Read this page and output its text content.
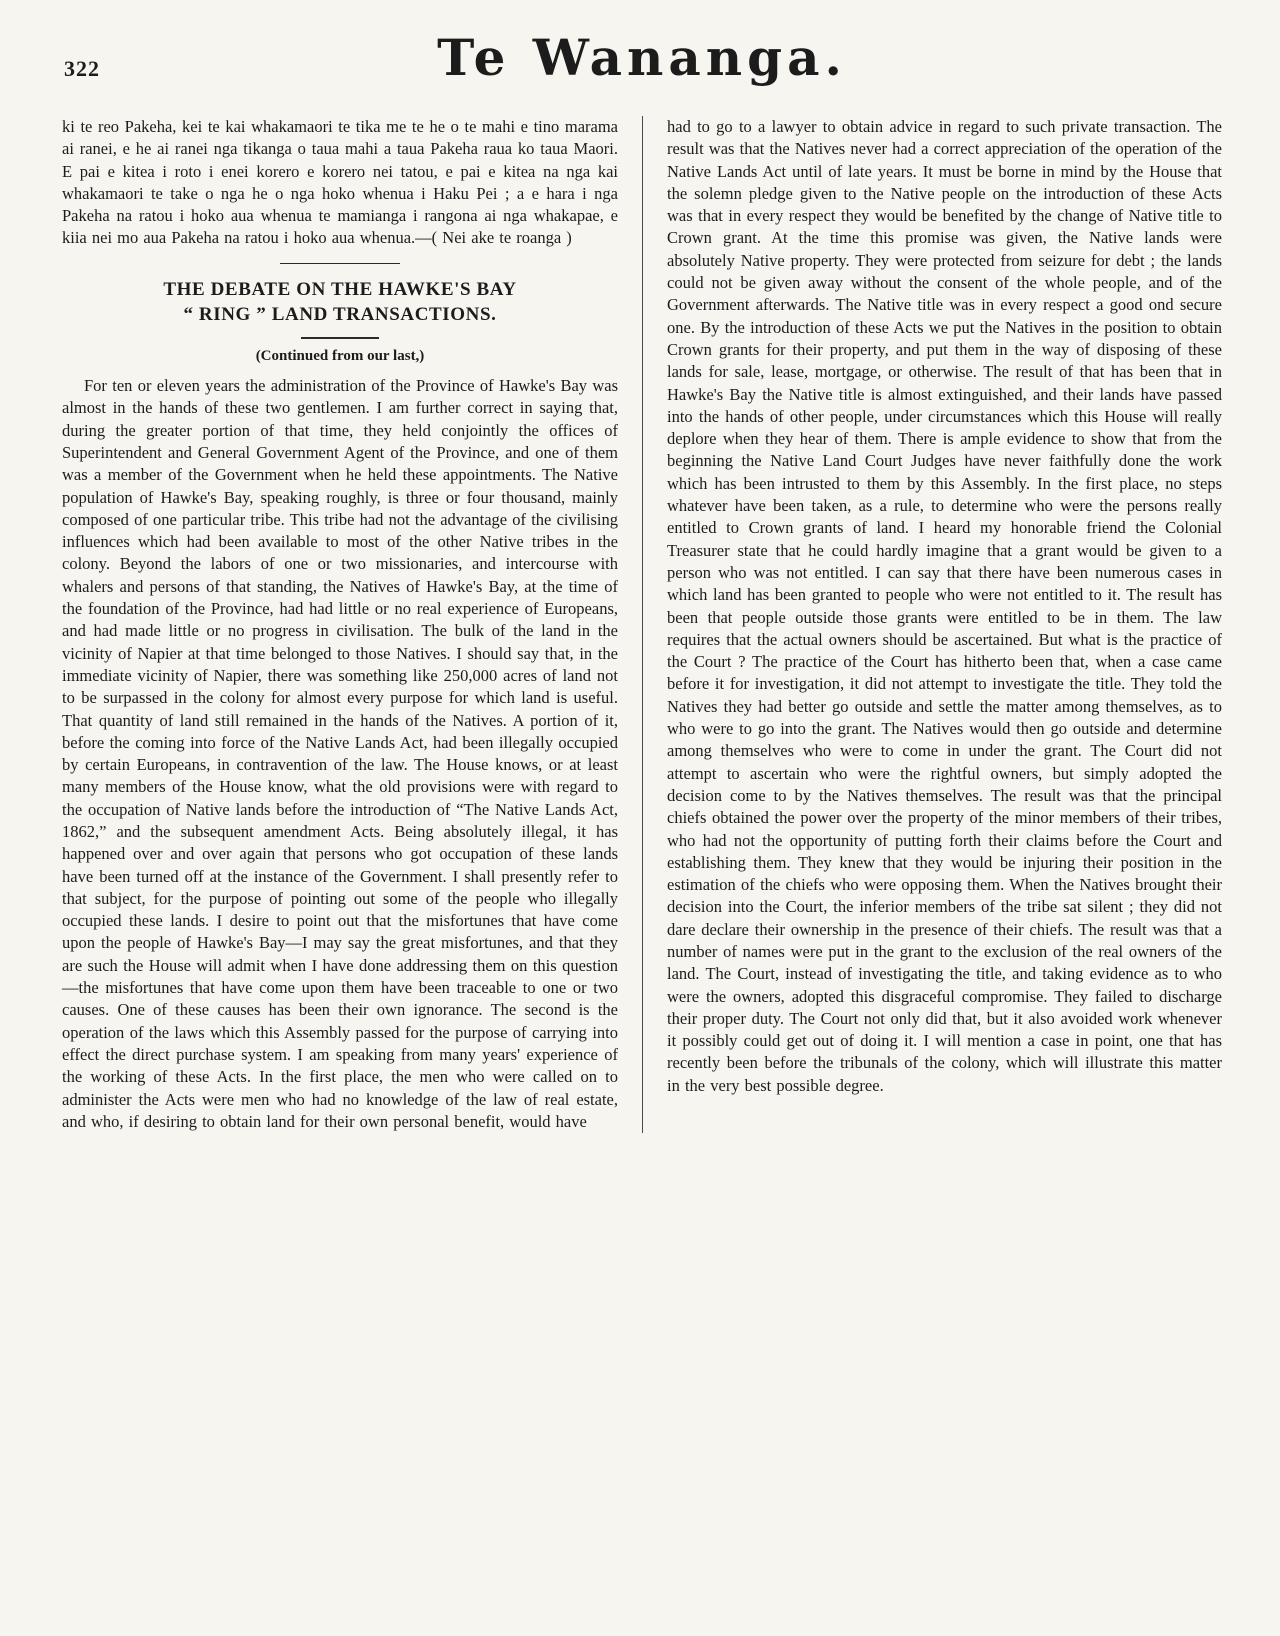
322	Te Wananga.

ki te reo Pakeha, kei te kai whakamaori te tika me te he o te mahi e tino marama ai ranei, e he ai ranei nga tikanga o taua mahi a taua Pakeha raua ko taua Maori. E pai e kitea i roto i enei korero e korero nei tatou, e pai e kitea na nga kai whakamaori te take o nga he o nga hoko whenua i Haku Pei ; a e hara i nga Pakeha na ratou i hoko aua whenua te mamianga i rangona ai nga whakapae, e kiia nei mo aua Pakeha na ratou i hoko aua whenua.—( Nei ake te roanga )

THE DEBATE ON THE HAWKE'S BAY
“ RING ” LAND TRANSACTIONS.

(Continued from our last,)

For ten or eleven years the administration of the Province of Hawke's Bay was almost in the hands of these two gentlemen. I am further correct in saying that, during the greater portion of that time, they held conjointly the offices of Superintendent and General Government Agent of the Province, and one of them was a member of the Government when he held these appointments. The Native population of Hawke's Bay, speaking roughly, is three or four thousand, mainly composed of one particular tribe. This tribe had not the advantage of the civilising influences which had been available to most of the other Native tribes in the colony. Beyond the labors of one or two missionaries, and intercourse with whalers and persons of that standing, the Natives of Hawke's Bay, at the time of the foundation of the Province, had had little or no real experience of Europeans, and had made little or no progress in civilisation. The bulk of the land in the vicinity of Napier at that time belonged to those Natives. I should say that, in the immediate vicinity of Napier, there was something like 250,000 acres of land not to be surpassed in the colony for almost every purpose for which land is useful. That quantity of land still remained in the hands of the Natives. A portion of it, before the coming into force of the Native Lands Act, had been illegally occupied by certain Europeans, in contravention of the law. The House knows, or at least many members of the House know, what the old provisions were with regard to the occupation of Native lands before the introduction of “The Native Lands Act, 1862,” and the subsequent amendment Acts. Being absolutely illegal, it has happened over and over again that persons who got occupation of these lands have been turned off at the instance of the Government. I shall presently refer to that subject, for the purpose of pointing out some of the people who illegally occupied these lands. I desire to point out that the misfortunes that have come upon the people of Hawke's Bay—I may say the great misfortunes, and that they are such the House will admit when I have done addressing them on this question—the misfortunes that have come upon them have been traceable to one or two causes. One of these causes has been their own ignorance. The second is the operation of the laws which this Assembly passed for the purpose of carrying into effect the direct purchase system. I am speaking from many years' experience of the working of these Acts. In the first place, the men who were called on to administer the Acts were men who had no knowledge of the law of real estate, and who, if desiring to obtain land for their own personal benefit, would have

had to go to a lawyer to obtain advice in regard to such private transaction. The result was that the Natives never had a correct appreciation of the operation of the Native Lands Act until of late years. It must be borne in mind by the House that the solemn pledge given to the Native people on the introduction of these Acts was that in every respect they would be benefited by the change of Native title to Crown grant. At the time this promise was given, the Native lands were absolutely Native property. They were protected from seizure for debt ; the lands could not be given away without the consent of the whole people, and of the Government afterwards. The Native title was in every respect a good ond secure one. By the introduction of these Acts we put the Natives in the position to obtain Crown grants for their property, and put them in the way of disposing of these lands for sale, lease, mortgage, or otherwise. The result of that has been that in Hawke's Bay the Native title is almost extinguished, and their lands have passed into the hands of other people, under circumstances which this House will really deplore when they hear of them. There is ample evidence to show that from the beginning the Native Land Court Judges have never faithfully done the work which has been intrusted to them by this Assembly. In the first place, no steps whatever have been taken, as a rule, to determine who were the persons really entitled to Crown grants of land. I heard my honorable friend the Colonial Treasurer state that he could hardly imagine that a grant would be given to a person who was not entitled. I can say that there have been numerous cases in which land has been granted to people who were not entitled to it. The result has been that people outside those grants were entitled to be in them. The law requires that the actual owners should be ascertained. But what is the practice of the Court ? The practice of the Court has hitherto been that, when a case came before it for investigation, it did not attempt to investigate the title. They told the Natives they had better go outside and settle the matter among themselves, as to who were to go into the grant. The Natives would then go outside and determine among themselves who were to come in under the grant. The Court did not attempt to ascertain who were the rightful owners, but simply adopted the decision come to by the Natives themselves. The result was that the principal chiefs obtained the power over the property of the minor members of their tribes, who had not the opportunity of putting forth their claims before the Court and establishing them. They knew that they would be injuring their position in the estimation of the chiefs who were opposing them. When the Natives brought their decision into the Court, the inferior members of the tribe sat silent ; they did not dare declare their ownership in the presence of their chiefs. The result was that a number of names were put in the grant to the exclusion of the real owners of the land. The Court, instead of investigating the title, and taking evidence as to who were the owners, adopted this disgraceful compromise. They failed to discharge their proper duty. The Court not only did that, but it also avoided work whenever it possibly could get out of doing it. I will mention a case in point, one that has recently been before the tribunals of the colony, which will illustrate this matter in the very best possible degree.
